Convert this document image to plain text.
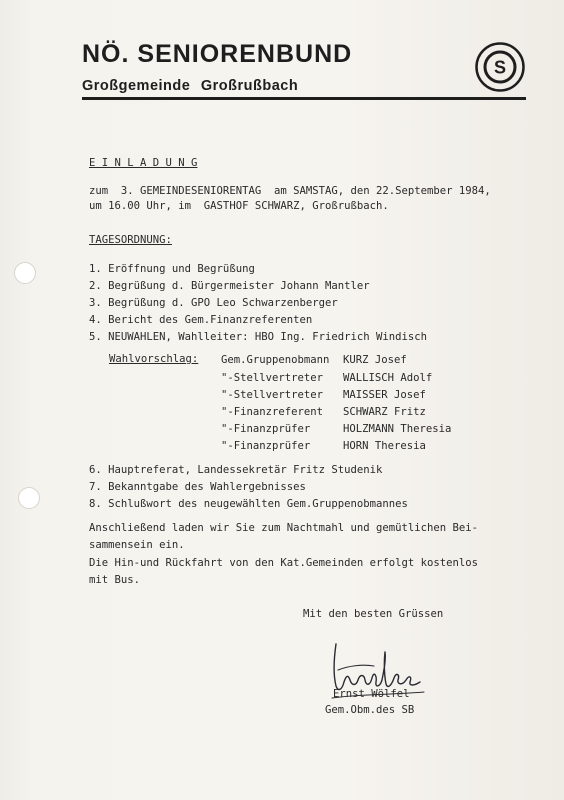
NÖ. SENIORENBUND
Großgemeinde Großrußbach
S
E I N L A D U N G
zum  3. GEMEINDESENIORENTAG  am SAMSTAG, den 22.September 1984,
um 16.00 Uhr, im  GASTHOF SCHWARZ, Großrußbach.
TAGESORDNUNG:
1. Eröffnung und Begrüßung
2. Begrüßung d. Bürgermeister Johann Mantler
3. Begrüßung d. GPO Leo Schwarzenberger
4. Bericht des Gem.Finanzreferenten
5. NEUWAHLEN, Wahlleiter: HBO Ing. Friedrich Windisch
Wahlvorschlag: Gem.Gruppenobmann KURZ Josef
"-Stellvertreter WALLISCH Adolf
"-Stellvertreter MAISSER Josef
"-Finanzreferent SCHWARZ Fritz
"-Finanzprüfer	HOLZMANN Theresia
"-Finanzprüfer	HORN Theresia
6. Hauptreferat, Landessekretär Fritz Studenik
7. Bekanntgabe des Wahlergebnisses
8. Schlußwort des neugewählten Gem.Gruppenobmannes
Anschließend laden wir Sie zum Nachtmahl und gemütlichen Bei-
sammensein ein.
Die Hin-und Rückfahrt von den Kat.Gemeinden erfolgt kostenlos
mit Bus.
Mit den besten Grüssen
Ernst Wölfel
Gem.Obm.des SB
